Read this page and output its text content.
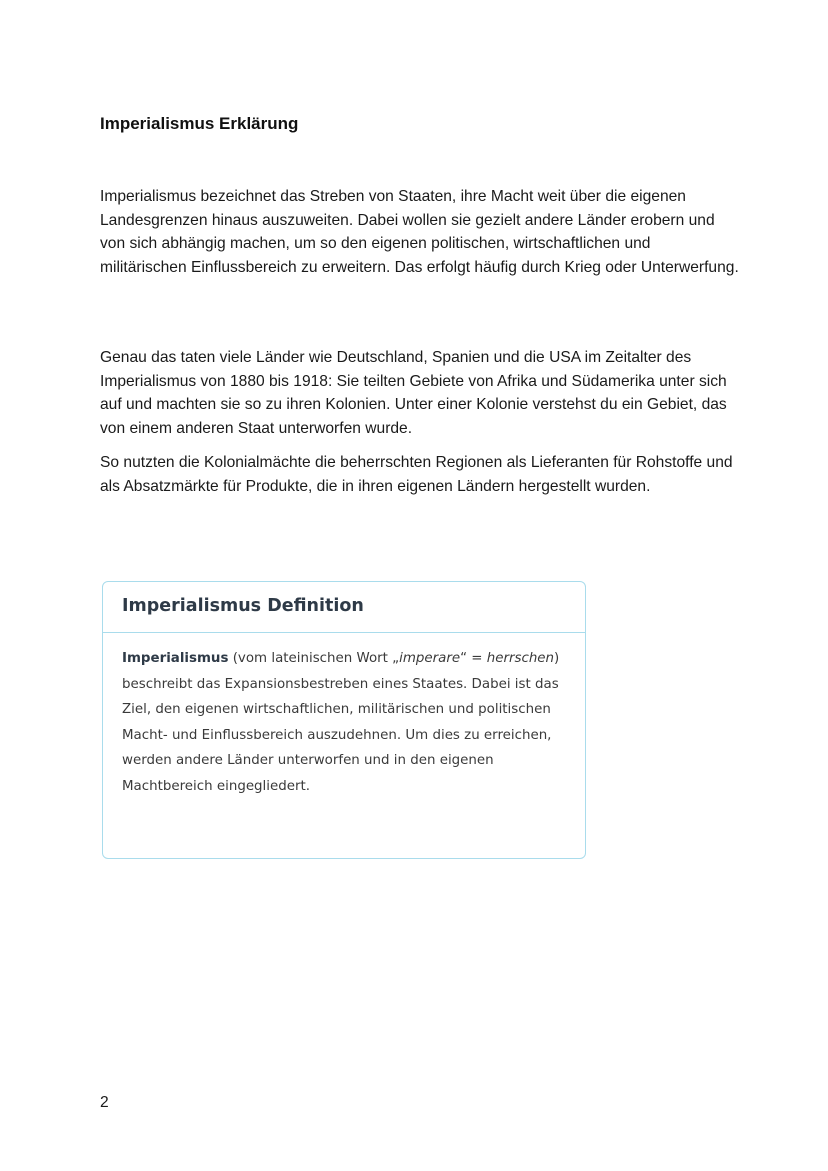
Imperialismus Erklärung

Imperialismus bezeichnet das Streben von Staaten, ihre Macht weit über die eigenen Landesgrenzen hinaus auszuweiten. Dabei wollen sie gezielt andere Länder erobern und von sich abhängig machen, um so den eigenen politischen, wirtschaftlichen und militärischen Einflussbereich zu erweitern. Das erfolgt häufig durch Krieg oder Unterwerfung.

Genau das taten viele Länder wie Deutschland, Spanien und die USA im Zeitalter des Imperialismus von 1880 bis 1918: Sie teilten Gebiete von Afrika und Südamerika unter sich auf und machten sie so zu ihren Kolonien. Unter einer Kolonie verstehst du ein Gebiet, das von einem anderen Staat unterworfen wurde.

So nutzten die Kolonialmächte die beherrschten Regionen als Lieferanten für Rohstoffe und als Absatzmärkte für Produkte, die in ihren eigenen Ländern hergestellt wurden.

Imperialismus Definition
Imperialismus (vom lateinischen Wort „imperare“ = herrschen) beschreibt das Expansionsbestreben eines Staates. Dabei ist das Ziel, den eigenen wirtschaftlichen, militärischen und politischen Macht- und Einflussbereich auszudehnen. Um dies zu erreichen, werden andere Länder unterworfen und in den eigenen Machtbereich eingegliedert.

2
